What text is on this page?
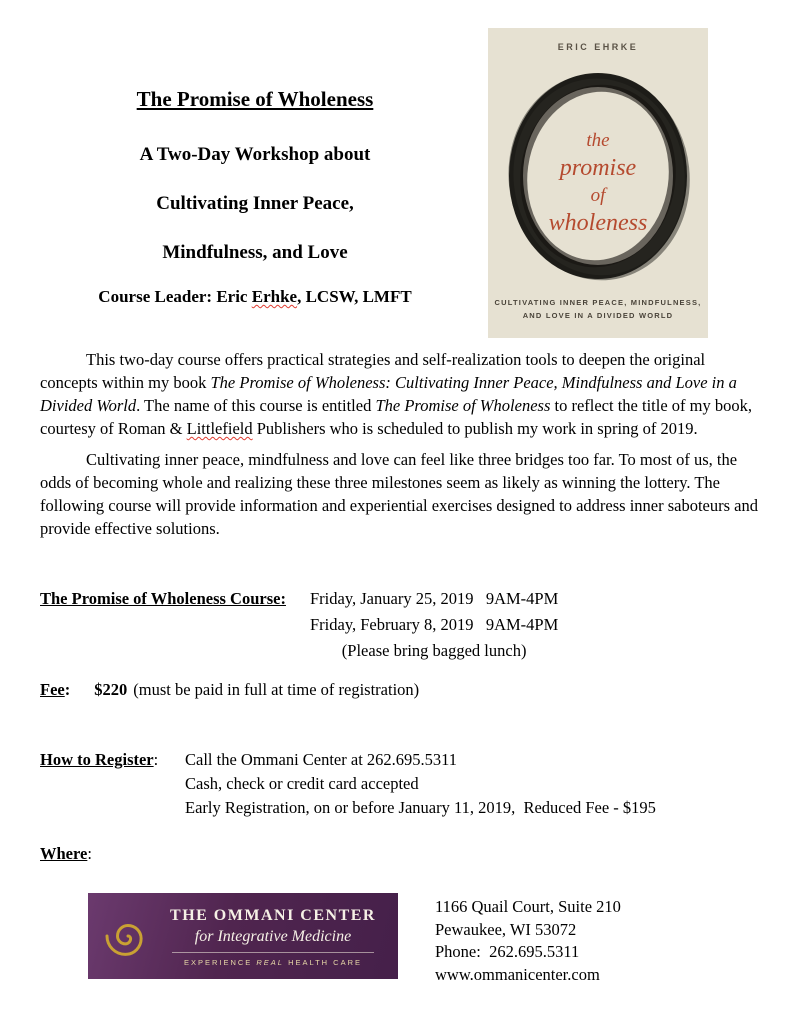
ERIC EHRKE
the
promise
of
wholeness
CULTIVATING INNER PEACE, MINDFULNESS,
AND LOVE IN A DIVIDED WORLD
The Promise of Wholeness
A Two-Day Workshop about
Cultivating Inner Peace,
Mindfulness, and Love
Course Leader: Eric Erhke, LCSW, LMFT

This two-day course offers practical strategies and self-realization tools to deepen the original concepts within my book The Promise of Wholeness: Cultivating Inner Peace, Mindfulness and Love in a Divided World. The name of this course is entitled The Promise of Wholeness to reflect the title of my book, courtesy of Roman & Littlefield Publishers who is scheduled to publish my work in spring of 2019.

Cultivating inner peace, mindfulness and love can feel like three bridges too far. To most of us, the odds of becoming whole and realizing these three milestones seem as likely as winning the lottery. The following course will provide information and experiential exercises designed to address inner saboteurs and provide effective solutions.

The Promise of Wholeness Course:	Friday, January 25, 2019   9AM-4PM
Friday, February 8, 2019   9AM-4PM
(Please bring bagged lunch)
Fee: $220 (must be paid in full at time of registration)
How to Register:	Call the Ommani Center at 262.695.5311
Cash, check or credit card accepted
Early Registration, on or before January 11, 2019,  Reduced Fee - $195
Where:
THE OMMANI CENTER
for Integrative Medicine
EXPERIENCE REAL HEALTH CARE
1166 Quail Court, Suite 210
Pewaukee, WI 53072
Phone:  262.695.5311
www.ommanicenter.com
